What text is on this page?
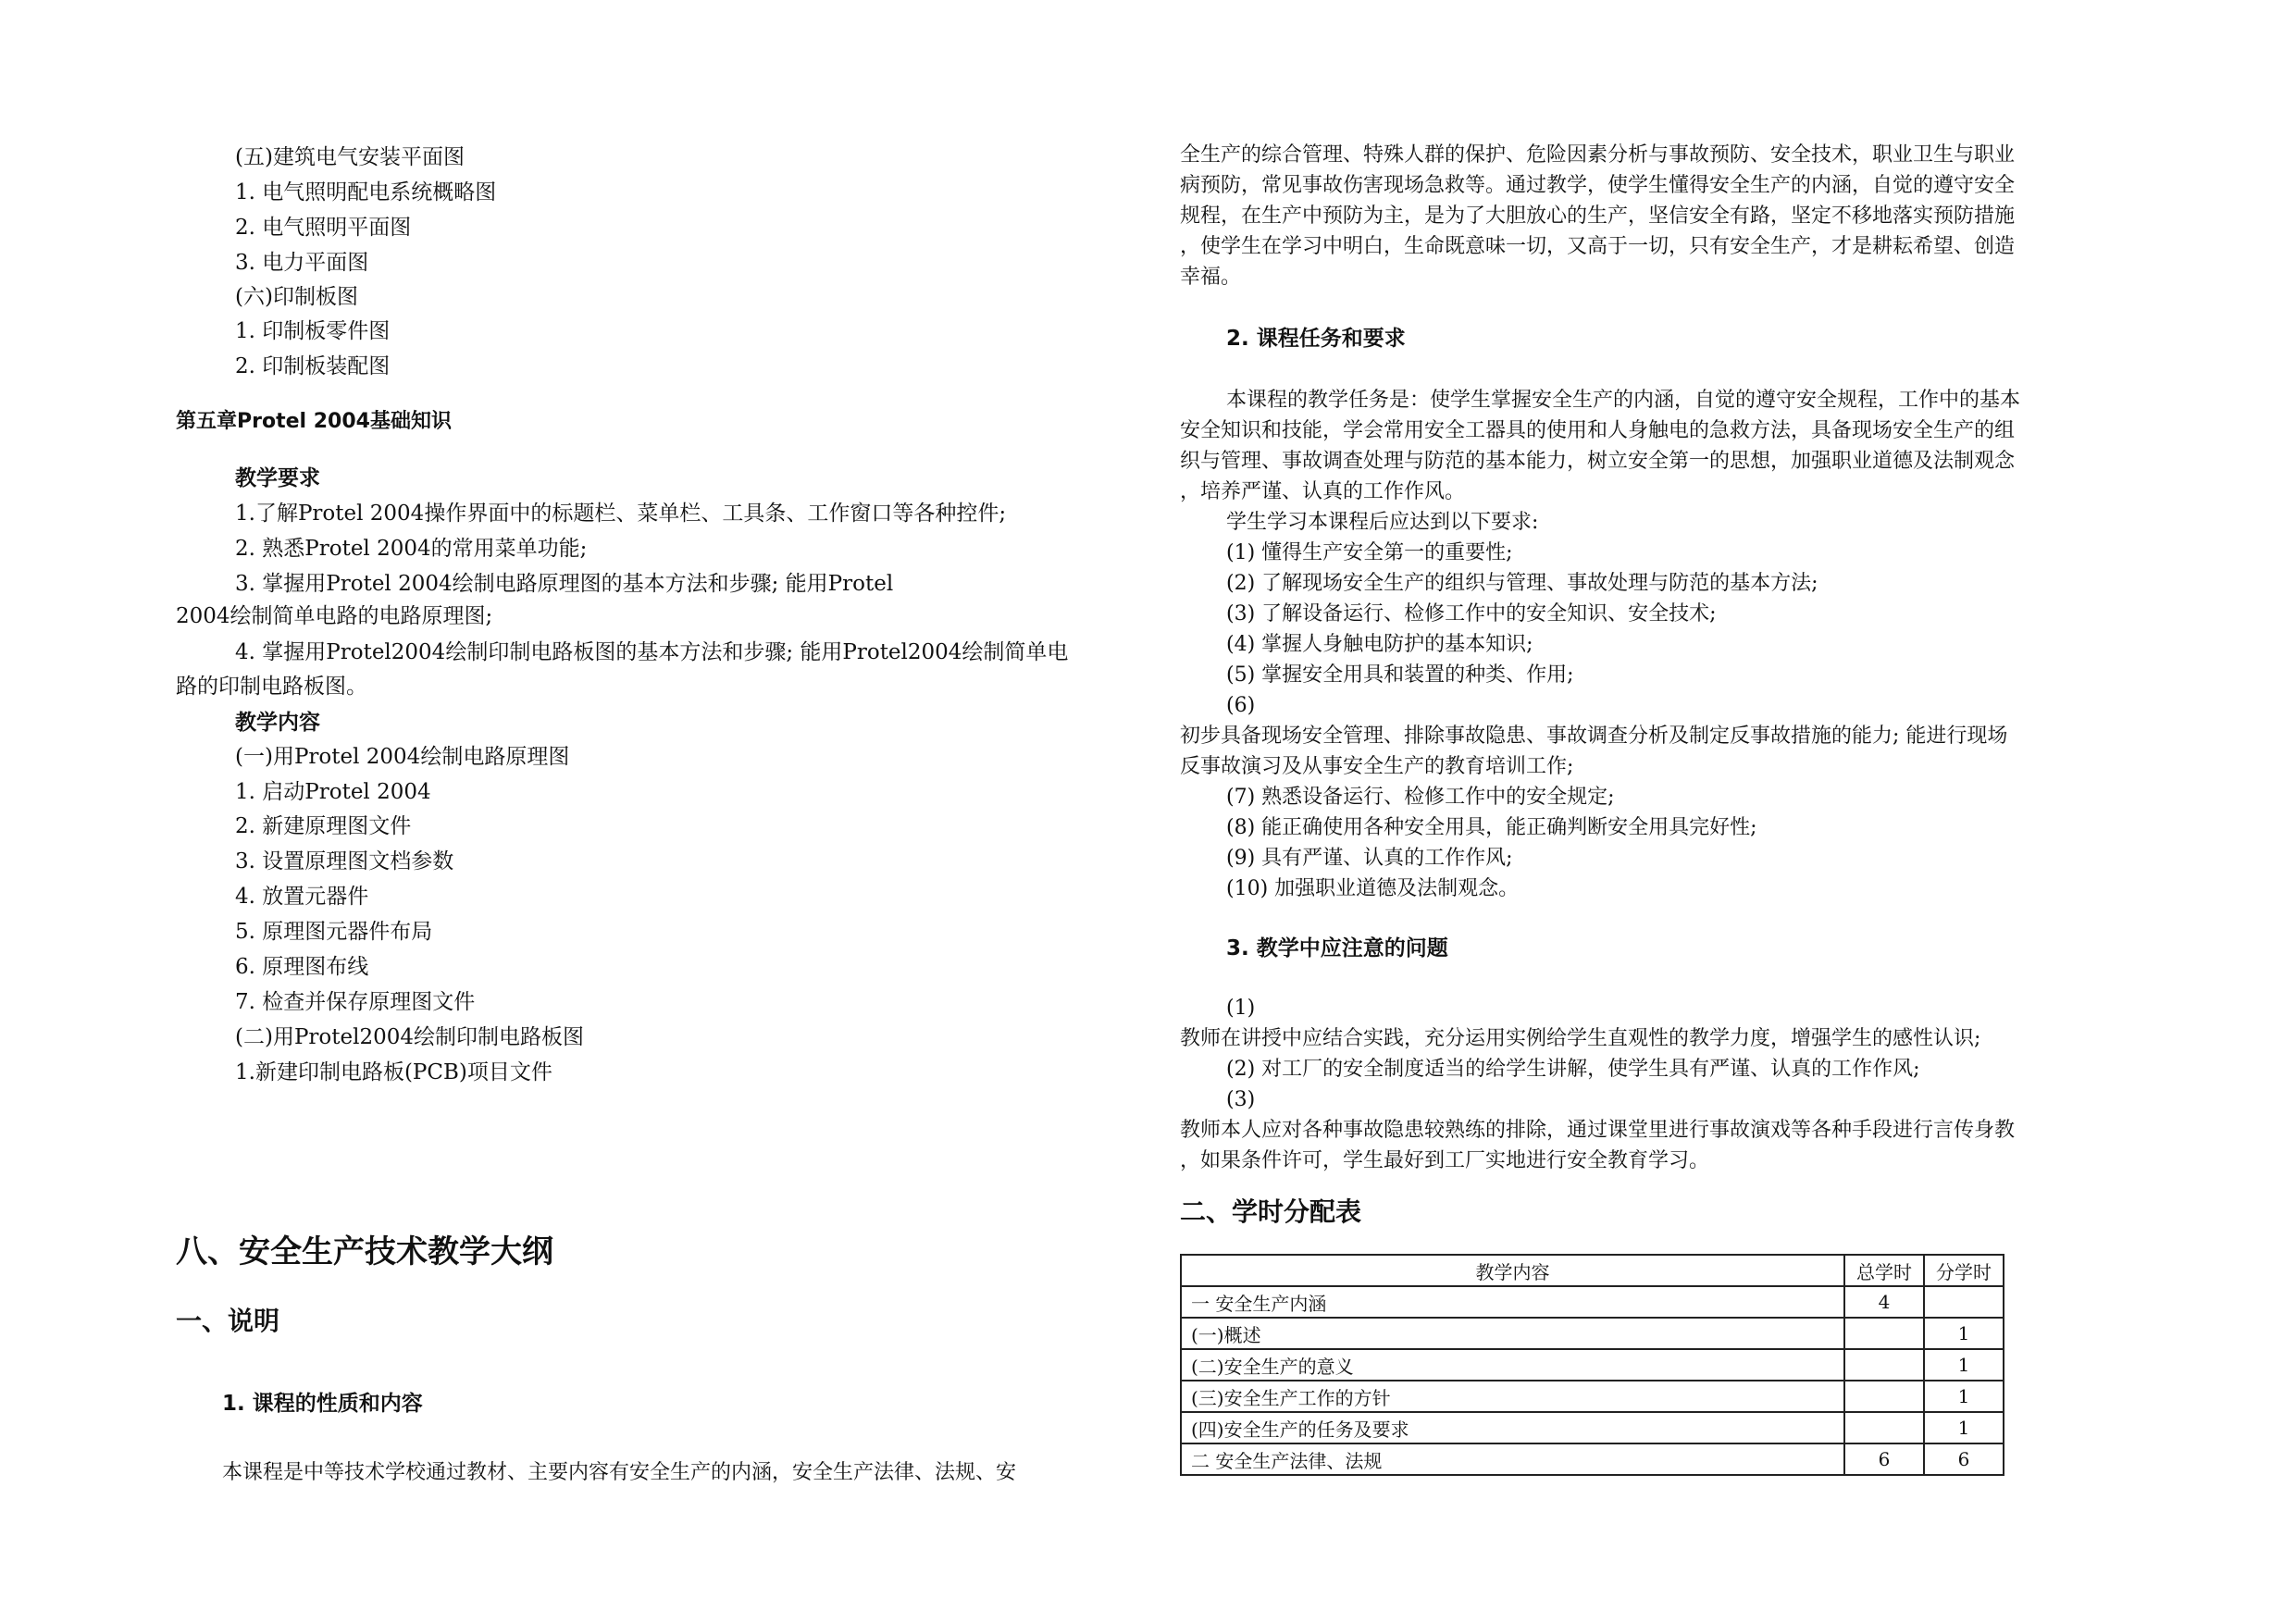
(五)建筑电气安装平面图
1. 电气照明配电系统概略图
2. 电气照明平面图
3. 电力平面图
(六)印制板图
1. 印制板零件图
2. 印制板装配图
第五章Protel 2004基础知识
教学要求
1.了解Protel 2004操作界面中的标题栏、菜单栏、工具条、工作窗口等各种控件;
2. 熟悉Protel 2004的常用菜单功能;
3. 掌握用Protel 2004绘制电路原理图的基本方法和步骤; 能用Protel
2004绘制简单电路的电路原理图;
4. 掌握用Protel2004绘制印制电路板图的基本方法和步骤; 能用Protel2004绘制简单电
路的印制电路板图。
教学内容
(一)用Protel 2004绘制电路原理图
1. 启动Protel 2004
2. 新建原理图文件
3. 设置原理图文档参数
4. 放置元器件
5. 原理图元器件布局
6. 原理图布线
7. 检查并保存原理图文件
(二)用Protel2004绘制印制电路板图
1.新建印制电路板(PCB)项目文件
八、安全生产技术教学大纲
一、说明
1. 课程的性质和内容
本课程是中等技术学校通过教材、主要内容有安全生产的内涵，安全生产法律、法规、安
全生产的综合管理、特殊人群的保护、危险因素分析与事故预防、安全技术，职业卫生与职业
病预防，常见事故伤害现场急救等。通过教学，使学生懂得安全生产的内涵，自觉的遵守安全
规程，在生产中预防为主，是为了大胆放心的生产，坚信安全有路，坚定不移地落实预防措施
，使学生在学习中明白，生命既意味一切，又高于一切，只有安全生产，才是耕耘希望、创造
幸福。
2. 课程任务和要求
本课程的教学任务是：使学生掌握安全生产的内涵，自觉的遵守安全规程，工作中的基本
安全知识和技能，学会常用安全工器具的使用和人身触电的急救方法，具备现场安全生产的组
织与管理、事故调查处理与防范的基本能力，树立安全第一的思想，加强职业道德及法制观念
，培养严谨、认真的工作作风。
学生学习本课程后应达到以下要求:
(1) 懂得生产安全第一的重要性;
(2) 了解现场安全生产的组织与管理、事故处理与防范的基本方法;
(3) 了解设备运行、检修工作中的安全知识、安全技术;
(4) 掌握人身触电防护的基本知识;
(5) 掌握安全用具和装置的种类、作用;
(6)
初步具备现场安全管理、排除事故隐患、事故调查分析及制定反事故措施的能力; 能进行现场
反事故演习及从事安全生产的教育培训工作;
(7) 熟悉设备运行、检修工作中的安全规定;
(8) 能正确使用各种安全用具，能正确判断安全用具完好性;
(9) 具有严谨、认真的工作作风;
(10) 加强职业道德及法制观念。
3. 教学中应注意的问题
(1)
教师在讲授中应结合实践，充分运用实例给学生直观性的教学力度，增强学生的感性认识;
(2) 对工厂的安全制度适当的给学生讲解，使学生具有严谨、认真的工作作风;
(3)
教师本人应对各种事故隐患较熟练的排除，通过课堂里进行事故演戏等各种手段进行言传身教
，如果条件许可，学生最好到工厂实地进行安全教育学习。
二、学时分配表
教学内容	总学时	分学时
一 安全生产内涵	4	
(一)概述		1
(二)安全生产的意义		1
(三)安全生产工作的方针		1
(四)安全生产的任务及要求		1
二 安全生产法律、法规	6	6
